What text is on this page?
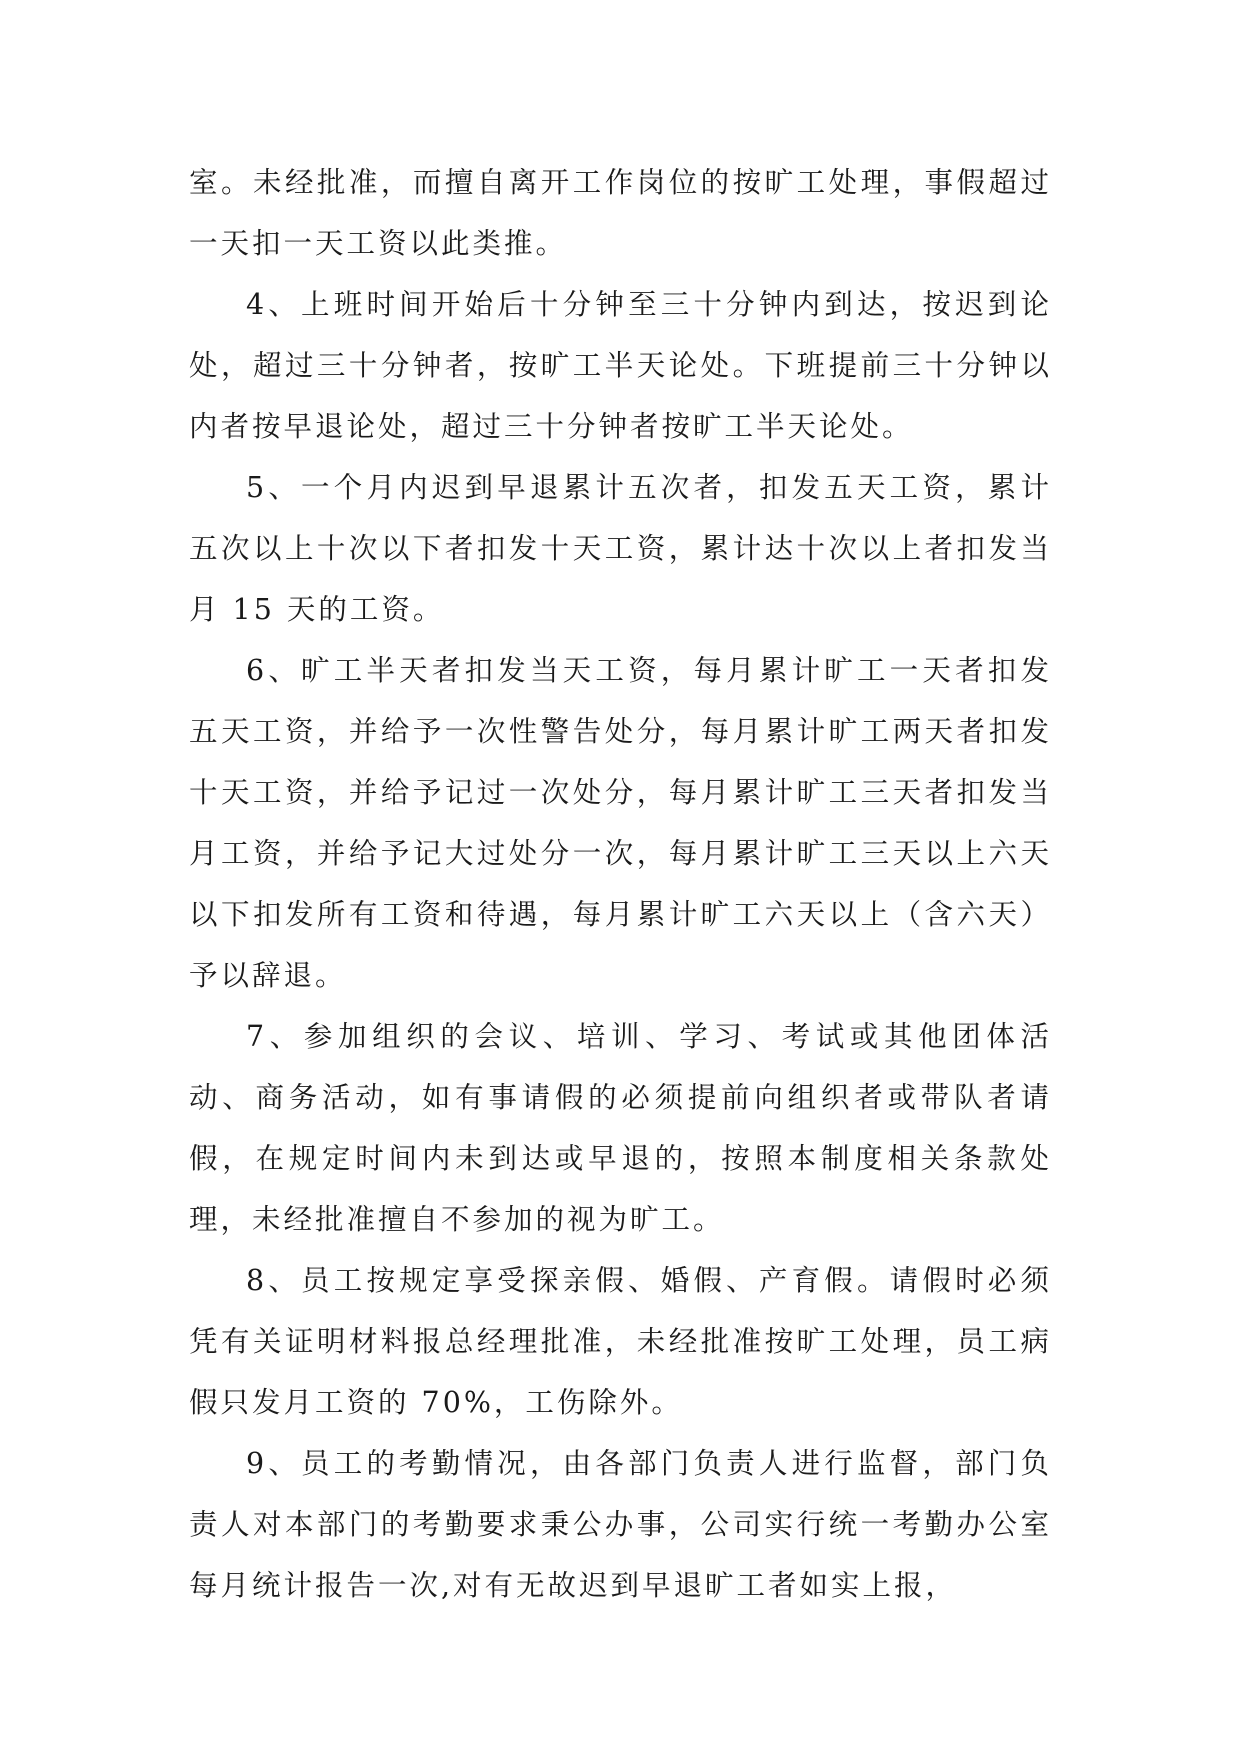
室。未经批准，而擅自离开工作岗位的按旷工处理，事假超过一天扣一天工资以此类推。

4、上班时间开始后十分钟至三十分钟内到达，按迟到论处，超过三十分钟者，按旷工半天论处。下班提前三十分钟以内者按早退论处，超过三十分钟者按旷工半天论处。

5、一个月内迟到早退累计五次者，扣发五天工资，累计五次以上十次以下者扣发十天工资，累计达十次以上者扣发当月 15 天的工资。

6、旷工半天者扣发当天工资，每月累计旷工一天者扣发五天工资，并给予一次性警告处分，每月累计旷工两天者扣发十天工资，并给予记过一次处分，每月累计旷工三天者扣发当月工资，并给予记大过处分一次，每月累计旷工三天以上六天以下扣发所有工资和待遇，每月累计旷工六天以上（含六天）予以辞退。

7、参加组织的会议、培训、学习、考试或其他团体活动、商务活动，如有事请假的必须提前向组织者或带队者请假，在规定时间内未到达或早退的，按照本制度相关条款处理，未经批准擅自不参加的视为旷工。

8、员工按规定享受探亲假、婚假、产育假。请假时必须凭有关证明材料报总经理批准，未经批准按旷工处理，员工病假只发月工资的 70%，工伤除外。

9、员工的考勤情况，由各部门负责人进行监督，部门负责人对本部门的考勤要求秉公办事，公司实行统一考勤办公室每月统计报告一次,对有无故迟到早退旷工者如实上报，
